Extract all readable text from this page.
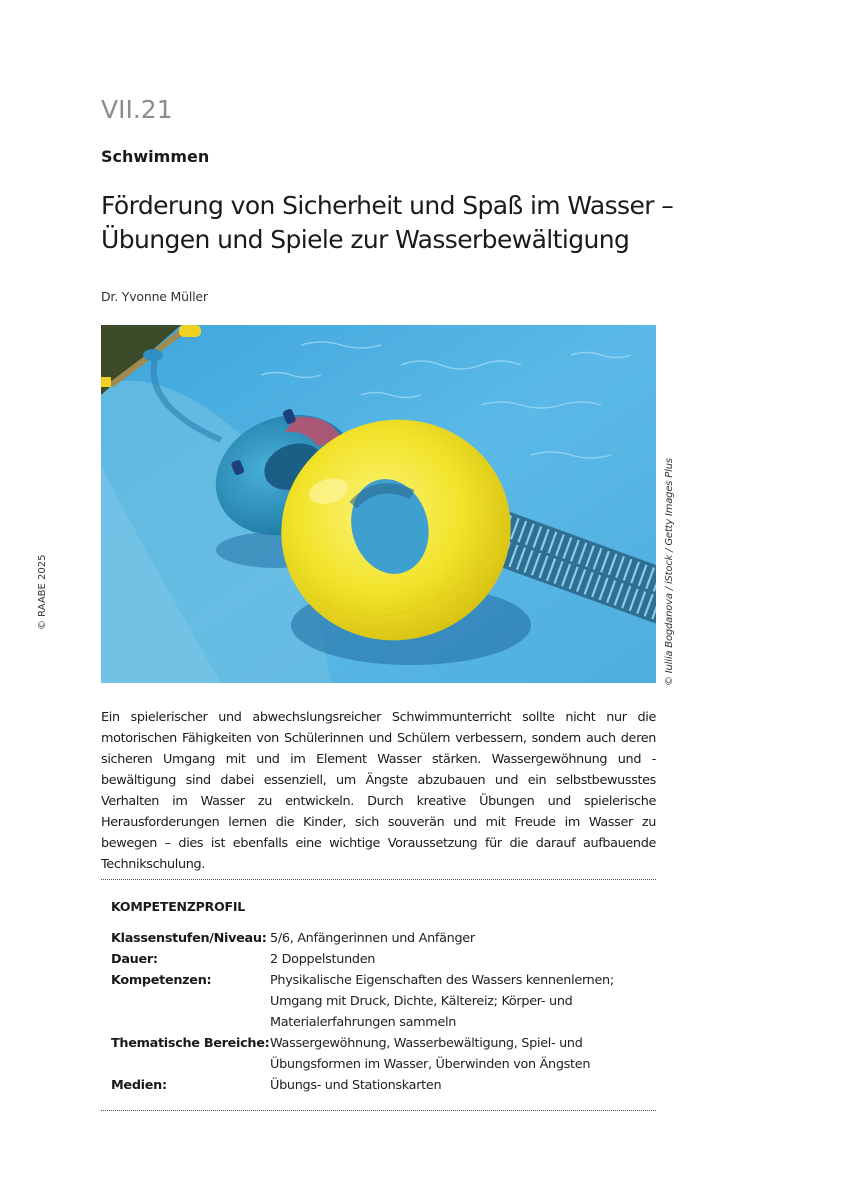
VII.21
Schwimmen
Förderung von Sicherheit und Spaß im Wasser – Übungen und Spiele zur Wasserbewältigung
Dr. Yvonne Müller
© Iuliia Bogdanova / iStock / Getty Images Plus
© RAABE 2025
Ein spielerischer und abwechslungsreicher Schwimmunterricht sollte nicht nur die motorischen Fähigkeiten von Schülerinnen und Schülern verbessern, sondern auch deren sicheren Umgang mit und im Element Wasser stärken. Wassergewöhnung und -bewältigung sind dabei essenziell, um Ängste abzubauen und ein selbstbewusstes Verhalten im Wasser zu entwickeln. Durch kreative Übungen und spielerische Herausforderungen lernen die Kinder, sich souverän und mit Freude im Wasser zu bewegen – dies ist ebenfalls eine wichtige Voraussetzung für die darauf aufbauende Technikschulung.
KOMPETENZPROFIL
Klassenstufen/Niveau:	5/6, Anfängerinnen und Anfänger
Dauer:	2 Doppelstunden
Kompetenzen:	Physikalische Eigenschaften des Wassers kennenlernen; Umgang mit Druck, Dichte, Kältereiz; Körper- und Materialerfahrungen sammeln
Thematische Bereiche:	Wassergewöhnung, Wasserbewältigung, Spiel- und Übungsformen im Wasser, Überwinden von Ängsten
Medien:	Übungs- und Stationskarten
